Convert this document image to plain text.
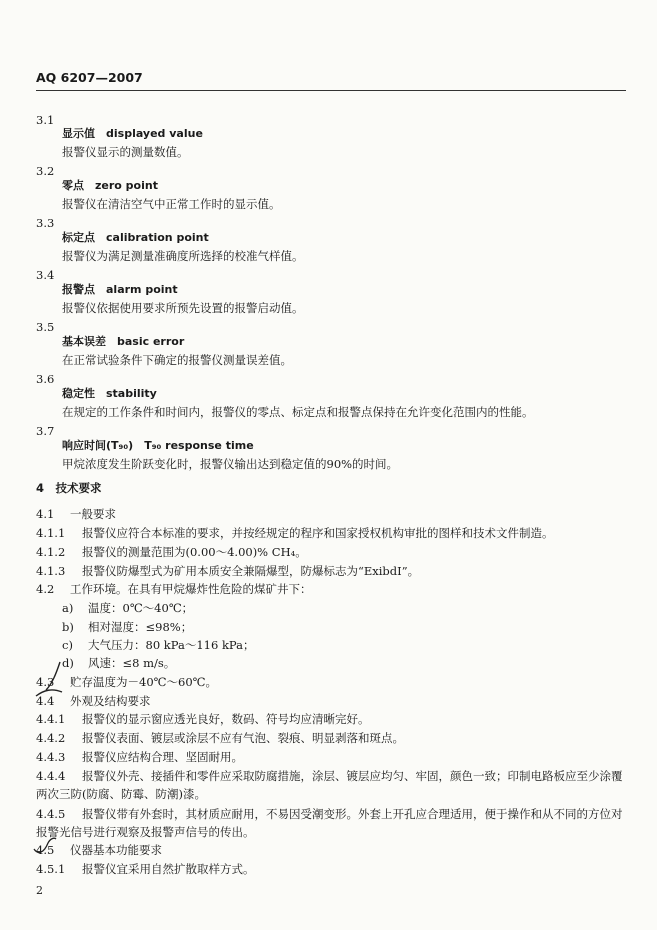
AQ 6207—2007
3.1
显示值　 displayed value
报警仪显示的测量数值。
3.2
零点　 zero point
报警仪在清洁空气中正常工作时的显示值。
3.3
标定点　 calibration point
报警仪为满足测量准确度所选择的校准气样值。
3.4
报警点　 alarm point
报警仪依据使用要求所预先设置的报警启动值。
3.5
基本误差　 basic error
在正常试验条件下确定的报警仪测量误差值。
3.6
稳定性　 stability
在规定的工作条件和时间内，报警仪的零点、标定点和报警点保持在允许变化范围内的性能。
3.7
响应时间(T₉₀)　 T₉₀ response time
甲烷浓度发生阶跃变化时，报警仪输出达到稳定值的90%的时间。
4　技术要求
4.1 一般要求
4.1.1 报警仪应符合本标准的要求，并按经规定的程序和国家授权机构审批的图样和技术文件制造。
4.1.2 报警仪的测量范围为(0.00～4.00)% CH₄。
4.1.3 报警仪防爆型式为矿用本质安全兼隔爆型，防爆标志为“ExibdI”。
4.2 工作环境。在具有甲烷爆炸性危险的煤矿井下：
a) 温度：0℃～40℃；
b) 相对湿度：≤98%；
c) 大气压力：80 kPa～116 kPa；
d) 风速：≤8 m/s。
4.3 贮存温度为－40℃～60℃。
4.4 外观及结构要求
4.4.1 报警仪的显示窗应透光良好，数码、符号均应清晰完好。
4.4.2 报警仪表面、镀层或涂层不应有气泡、裂痕、明显剥落和斑点。
4.4.3 报警仪应结构合理、坚固耐用。
4.4.4 报警仪外壳、接插件和零件应采取防腐措施，涂层、镀层应均匀、牢固，颜色一致；印制电路板应至少涂覆两次三防(防腐、防霉、防潮)漆。
4.4.5 报警仪带有外套时，其材质应耐用，不易因受潮变形。外套上开孔应合理适用，便于操作和从不同的方位对报警光信号进行观察及报警声信号的传出。
4.5 仪器基本功能要求
4.5.1 报警仪宜采用自然扩散取样方式。
2
